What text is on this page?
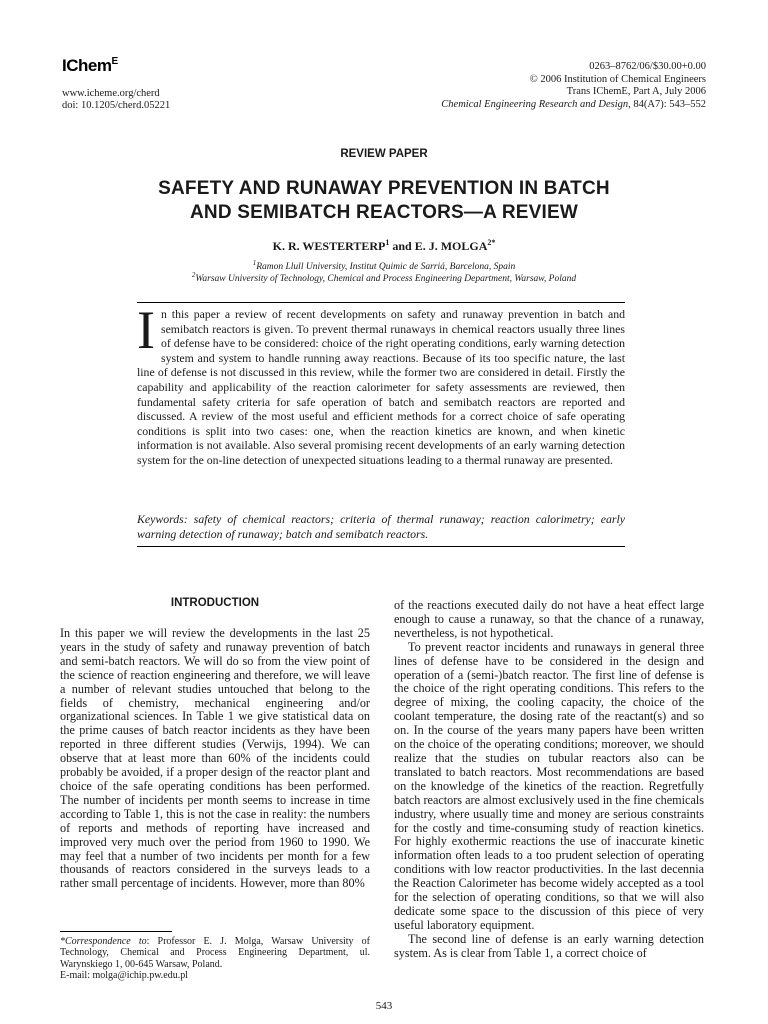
IChem$^E$
www.icheme.org/cherd
doi: 10.1205/cherd.05221
0263–8762/06/$30.00+0.00
© 2006 Institution of Chemical Engineers
Trans IChemE, Part A, July 2006
Chemical Engineering Research and Design, 84(A7): 543–552
REVIEW PAPER
SAFETY AND RUNAWAY PREVENTION IN BATCH
AND SEMIBATCH REACTORS—A REVIEW
K. R. WESTERTERP$^1$ and E. J. $MOLGA^{2*}$
$^1$Ramon Llull University, Institut Quimic de Sarriá, Barcelona, Spain
$^2$Warsaw University of Technology, Chemical and Process Engineering Department, Warsaw, Poland
In this paper a review of recent developments on safety and runaway prevention in batch and semibatch reactors is given. To prevent thermal runaways in chemical reactors usually three lines of defense have to be considered: choice of the right operating conditions, early warning detection system and system to handle running away reactions. Because of its too specific nature, the last line of defense is not discussed in this review, while the former two are considered in detail. Firstly the capability and applicability of the reaction calorimeter for safety assessments are reviewed, then fundamental safety criteria for safe operation of batch and semibatch reactors are reported and discussed. A review of the most useful and efficient methods for a correct choice of safe operating conditions is split into two cases: one, when the reaction kinetics are known, and when kinetic information is not available. Also several promising recent developments of an early warning detection system for the on-line detection of unexpected situations leading to a thermal runaway are presented.
Keywords: safety of chemical reactors; criteria of thermal runaway; reaction calorimetry; early warning detection of runaway; batch and semibatch reactors.
INTRODUCTION

In this paper we will review the developments in the last 25 years in the study of safety and runaway prevention of batch and semi-batch reactors. We will do so from the view point of the science of reaction engineering and therefore, we will leave a number of relevant studies untouched that belong to the fields of chemistry, mechanical engineering and/or organizational sciences. In Table 1 we give statistical data on the prime causes of batch reactor incidents as they have been reported in three different studies (Verwijs, 1994). We can observe that at least more than 60% of the incidents could probably be avoided, if a proper design of the reactor plant and choice of the safe operating conditions has been performed. The number of incidents per month seems to increase in time according to Table 1, this is not the case in reality: the numbers of reports and methods of reporting have increased and improved very much over the period from 1960 to 1990. We may feel that a number of two incidents per month for a few thousands of reactors considered in the surveys leads to a rather small percentage of incidents. However, more than 80%

of the reactions executed daily do not have a heat effect large enough to cause a runaway, so that the chance of a runaway, nevertheless, is not hypothetical.

To prevent reactor incidents and runaways in general three lines of defense have to be considered in the design and operation of a (semi-)batch reactor. The first line of defense is the choice of the right operating conditions. This refers to the degree of mixing, the cooling capacity, the choice of the coolant temperature, the dosing rate of the reactant(s) and so on. In the course of the years many papers have been written on the choice of the operating conditions; moreover, we should realize that the studies on tubular reactors also can be translated to batch reactors. Most recommendations are based on the knowledge of the kinetics of the reaction. Regretfully batch reactors are almost exclusively used in the fine chemicals industry, where usually time and money are serious constraints for the costly and time-consuming study of reaction kinetics. For highly exothermic reactions the use of inaccurate kinetic information often leads to a too prudent selection of operating conditions with low reactor productivities. In the last decennia the Reaction Calorimeter has become widely accepted as a tool for the selection of operating conditions, so that we will also dedicate some space to the discussion of this piece of very useful laboratory equipment.

The second line of defense is an early warning detection system. As is clear from Table 1, a correct choice of

*Correspondence to: Professor E. J. Molga, Warsaw University of Technology, Chemical and Process Engineering Department, ul. Warynskiego 1, 00-645 Warsaw, Poland.
E-mail: molga@ichip.pw.edu.pl
543
